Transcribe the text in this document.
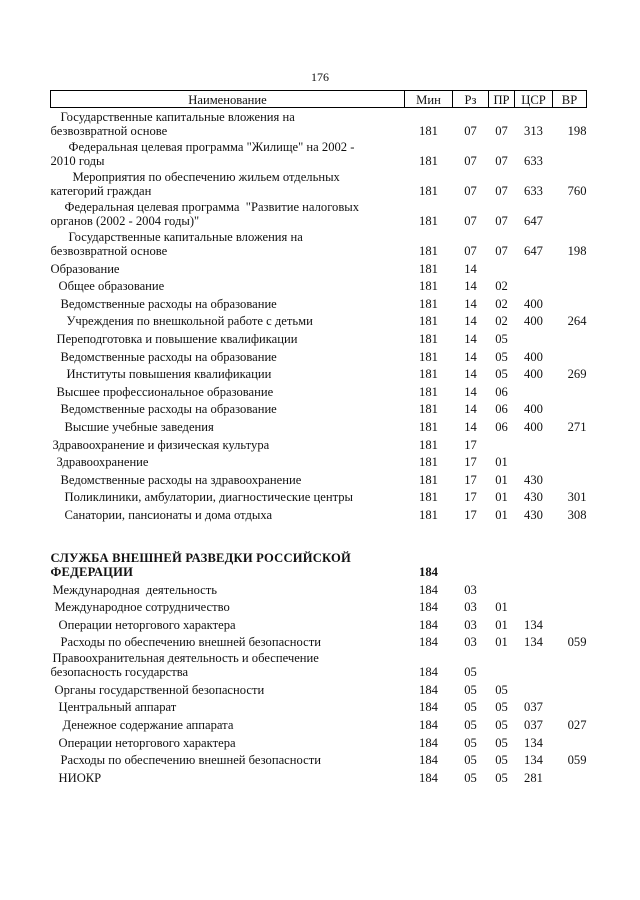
176
Наименование	Мин	Рз	ПР	ЦСР	ВР

Государственные капитальные вложения на
безвозвратной основе	181	07	07	313	198

Федеральная целевая программа "Жилище" на 2002 -
2010 годы	181	07	07	633	

Мероприятия по обеспечению жильем отдельных
категорий граждан	181	07	07	633	760

Федеральная целевая программа  "Развитие налоговых
органов (2002 - 2004 годы)"	181	07	07	647	

Государственные капитальные вложения на
безвозвратной основе	181	07	07	647	198

Образование	181	14			

Общее образование	181	14	02		

Ведомственные расходы на образование	181	14	02	400	

Учреждения по внешкольной работе с детьми	181	14	02	400	264

Переподготовка и повышение квалификации	181	14	05		

Ведомственные расходы на образование	181	14	05	400	

Институты повышения квалификации	181	14	05	400	269

Высшее профессиональное образование	181	14	06		

Ведомственные расходы на образование	181	14	06	400	

Высшие учебные заведения	181	14	06	400	271

Здравоохранение и физическая культура	181	17			

Здравоохранение	181	17	01		

Ведомственные расходы на здравоохранение	181	17	01	430	

Поликлиники, амбулатории, диагностические центры	181	17	01	430	301

Санатории, пансионаты и дома отдыха	181	17	01	430	308

СЛУЖБА ВНЕШНЕЙ РАЗВЕДКИ РОССИЙСКОЙ
ФЕДЕРАЦИИ	184				

Международная  деятельность	184	03			

Международное сотрудничество	184	03	01		

Операции неторгового характера	184	03	01	134	

Расходы по обеспечению внешней безопасности	184	03	01	134	059

Правоохранительная деятельность и обеспечение
безопасность государства	184	05			

Органы государственной безопасности	184	05	05		

Центральный аппарат	184	05	05	037	

Денежное содержание аппарата	184	05	05	037	027

Операции неторгового характера	184	05	05	134	

Расходы по обеспечению внешней безопасности	184	05	05	134	059

НИОКР	184	05	05	281	
